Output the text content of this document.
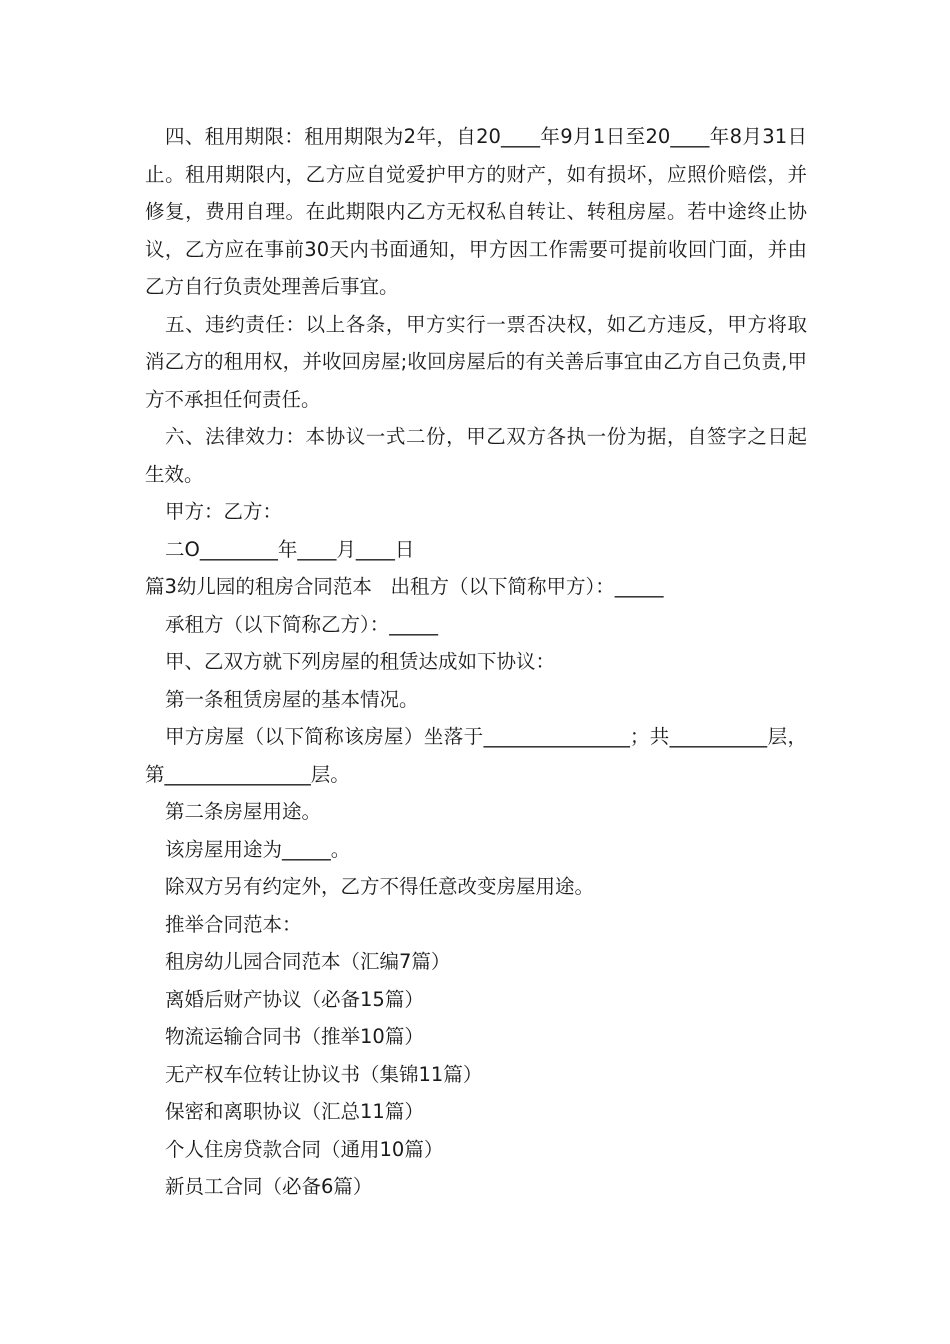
四、租用期限：租用期限为2年，自20____年9月1日至20____年8月31日止。租用期限内，乙方应自觉爱护甲方的财产，如有损坏，应照价赔偿，并修复，费用自理。在此期限内乙方无权私自转让、转租房屋。若中途终止协议，乙方应在事前30天内书面通知，甲方因工作需要可提前收回门面，并由乙方自行负责处理善后事宜。

五、违约责任：以上各条，甲方实行一票否决权，如乙方违反，甲方将取消乙方的租用权，并收回房屋;收回房屋后的有关善后事宜由乙方自己负责,甲方不承担任何责任。

六、法律效力：本协议一式二份，甲乙双方各执一份为据，自签字之日起生效。

甲方：乙方：

二O________年____月____日

篇3幼儿园的租房合同范本   出租方（以下简称甲方）：_____

承租方（以下简称乙方）：_____

甲、乙双方就下列房屋的租赁达成如下协议：

第一条租赁房屋的基本情况。

甲方房屋（以下简称该房屋）坐落于_______________；共__________层，第_______________层。

第二条房屋用途。

该房屋用途为_____。

除双方另有约定外，乙方不得任意改变房屋用途。

推举合同范本：

租房幼儿园合同范本（汇编7篇）

离婚后财产协议（必备15篇）

物流运输合同书（推举10篇）

无产权车位转让协议书（集锦11篇）

保密和离职协议（汇总11篇）

个人住房贷款合同（通用10篇）

新员工合同（必备6篇）
